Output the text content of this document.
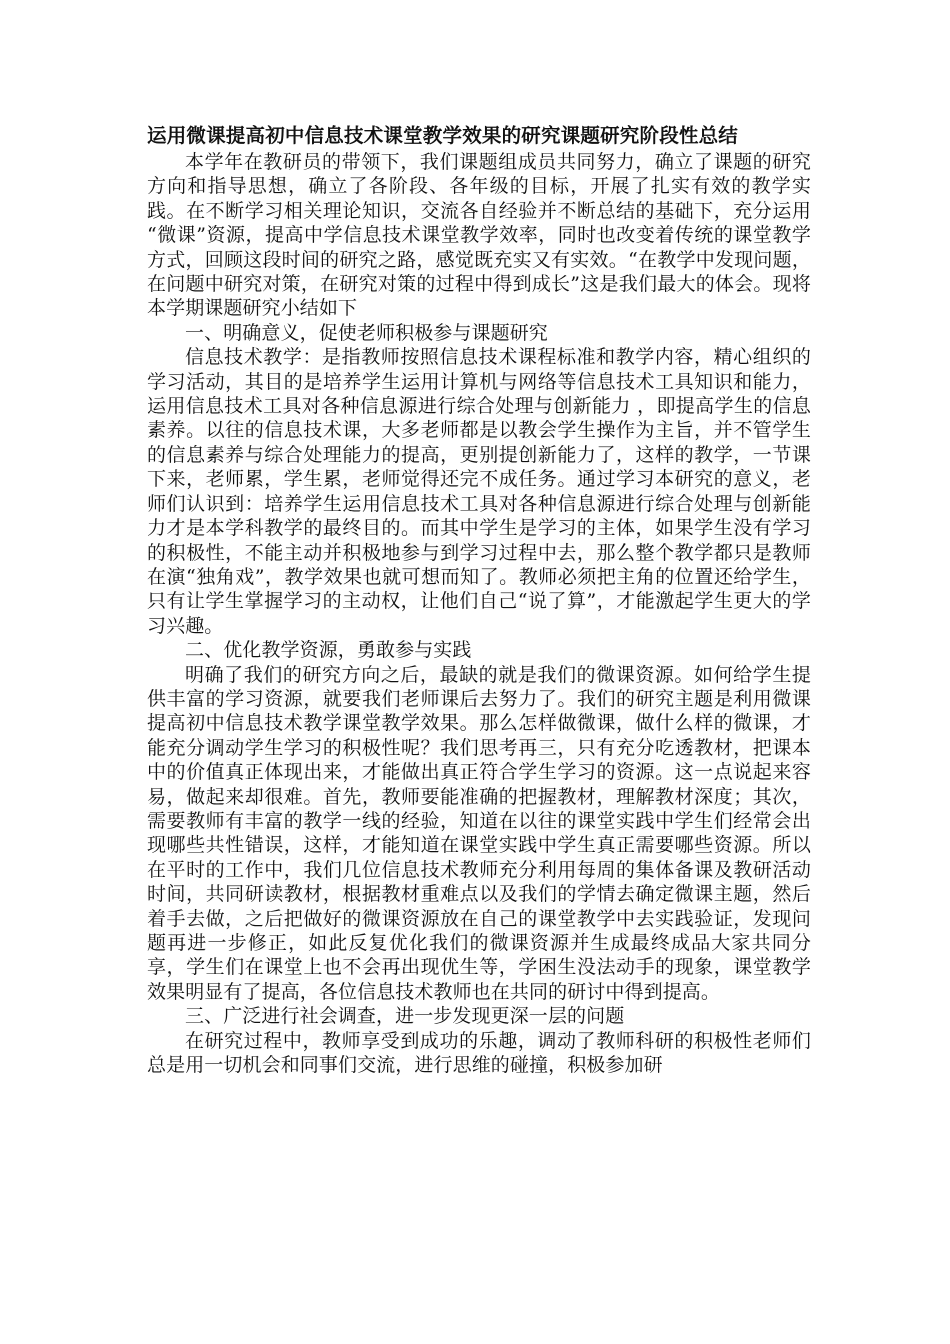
运用微课提高初中信息技术课堂教学效果的研究课题研究阶段性总结

本学年在教研员的带领下，我们课题组成员共同努力，确立了课题的研究方向和指导思想，确立了各阶段、各年级的目标，开展了扎实有效的教学实践。在不断学习相关理论知识，交流各自经验并不断总结的基础下，充分运用 “微课”资源，提高中学信息技术课堂教学效率，同时也改变着传统的课堂教学方式，回顾这段时间的研究之路，感觉既充实又有实效。“在教学中发现问题，在问题中研究对策，在研究对策的过程中得到成长”这是我们最大的体会。现将本学期课题研究小结如下

一、明确意义，促使老师积极参与课题研究

信息技术教学：是指教师按照信息技术课程标准和教学内容，精心组织的学习活动，其目的是培养学生运用计算机与网络等信息技术工具知识和能力，运用信息技术工具对各种信息源进行综合处理与创新能力 ，即提高学生的信息素养。以往的信息技术课，大多老师都是以教会学生操作为主旨，并不管学生的信息素养与综合处理能力的提高，更别提创新能力了，这样的教学，一节课下来，老师累，学生累，老师觉得还完不成任务。通过学习本研究的意义，老师们认识到：培养学生运用信息技术工具对各种信息源进行综合处理与创新能力才是本学科教学的最终目的。而其中学生是学习的主体，如果学生没有学习的积极性，不能主动并积极地参与到学习过程中去，那么整个教学都只是教师在演“独角戏”，教学效果也就可想而知了。教师必须把主角的位置还给学生，只有让学生掌握学习的主动权，让他们自己“说了算”，才能激起学生更大的学习兴趣。

二、优化教学资源，勇敢参与实践

明确了我们的研究方向之后，最缺的就是我们的微课资源。如何给学生提供丰富的学习资源，就要我们老师课后去努力了。我们的研究主题是利用微课提高初中信息技术教学课堂教学效果。那么怎样做微课，做什么样的微课，才能充分调动学生学习的积极性呢？我们思考再三，只有充分吃透教材，把课本中的价值真正体现出来，才能做出真正符合学生学习的资源。这一点说起来容易，做起来却很难。首先，教师要能准确的把握教材，理解教材深度；其次，需要教师有丰富的教学一线的经验，知道在以往的课堂实践中学生们经常会出现哪些共性错误，这样，才能知道在课堂实践中学生真正需要哪些资源。所以在平时的工作中，我们几位信息技术教师充分利用每周的集体备课及教研活动时间，共同研读教材，根据教材重难点以及我们的学情去确定微课主题，然后着手去做，之后把做好的微课资源放在自己的课堂教学中去实践验证，发现问题再进一步修正，如此反复优化我们的微课资源并生成最终成品大家共同分享，学生们在课堂上也不会再出现优生等，学困生没法动手的现象，课堂教学效果明显有了提高，各位信息技术教师也在共同的研讨中得到提高。

三、广泛进行社会调查，进一步发现更深一层的问题

在研究过程中，教师享受到成功的乐趣，调动了教师科研的积极性老师们总是用一切机会和同事们交流，进行思维的碰撞，积极参加研
